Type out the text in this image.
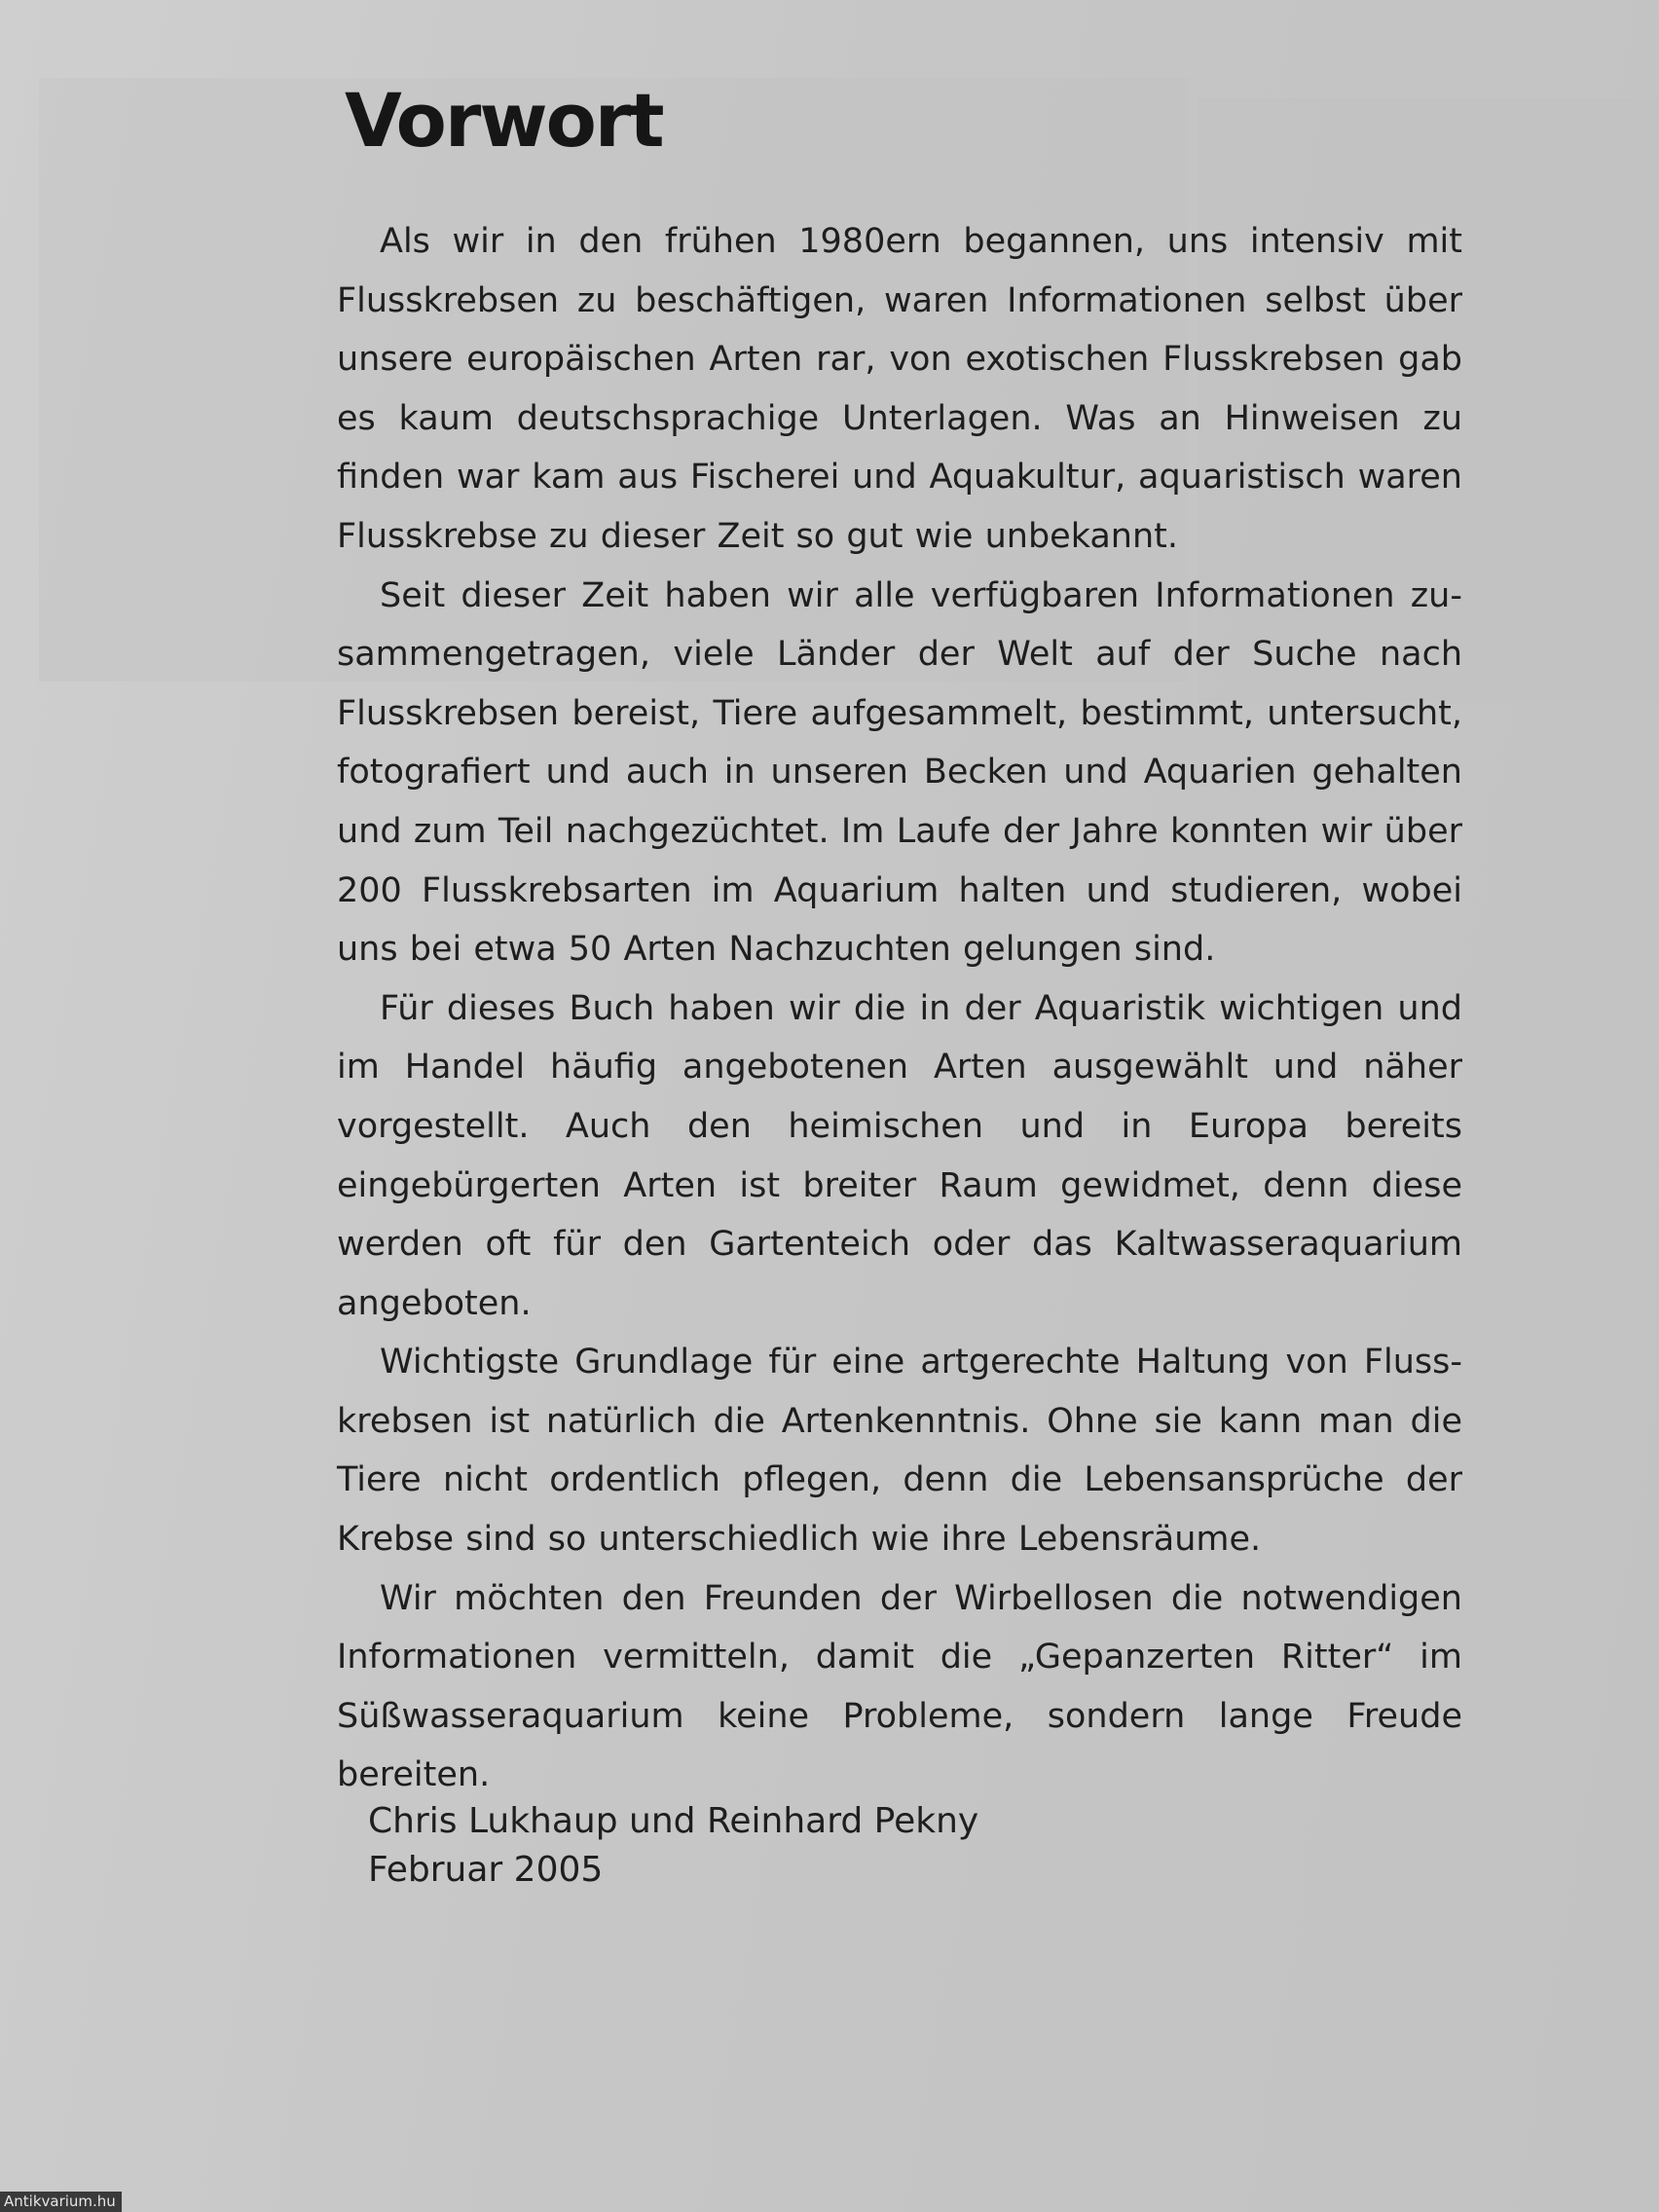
Vorwort

Als wir in den frühen 1980ern begannen, uns intensiv mit Flusskrebsen zu beschäftigen, waren Informationen selbst über unsere europäischen Arten rar, von exotischen Flusskrebsen gab es kaum deutschsprachige Unterlagen. Was an Hinweisen zu finden war kam aus Fischerei und Aquakultur, aquaristisch waren Flusskrebse zu dieser Zeit so gut wie unbekannt.

Seit dieser Zeit haben wir alle verfügbaren Informationen zusammengetragen, viele Länder der Welt auf der Suche nach Flusskrebsen bereist, Tiere aufgesammelt, bestimmt, untersucht, fotografiert und auch in unseren Becken und Aquarien gehalten und zum Teil nachgezüchtet. Im Laufe der Jahre konnten wir über 200 Flusskrebsarten im Aquarium halten und studieren, wobei uns bei etwa 50 Arten Nachzuchten gelungen sind.

Für dieses Buch haben wir die in der Aquaristik wichtigen und im Handel häufig angebotenen Arten ausgewählt und näher vorgestellt. Auch den heimischen und in Europa bereits eingebürgerten Arten ist breiter Raum gewidmet, denn diese werden oft für den Gartenteich oder das Kaltwasseraquarium angeboten.

Wichtigste Grundlage für eine artgerechte Haltung von Flusskrebsen ist natürlich die Artenkenntnis. Ohne sie kann man die Tiere nicht ordentlich pflegen, denn die Lebensansprüche der Krebse sind so unterschiedlich wie ihre Lebensräume.

Wir möchten den Freunden der Wirbellosen die notwendigen Informationen vermitteln, damit die „Gepanzerten Ritter“ im Süßwasseraquarium keine Probleme, sondern lange Freude bereiten.

Chris Lukhaup und Reinhard Pekny
Februar 2005
Antikvarium.hu
